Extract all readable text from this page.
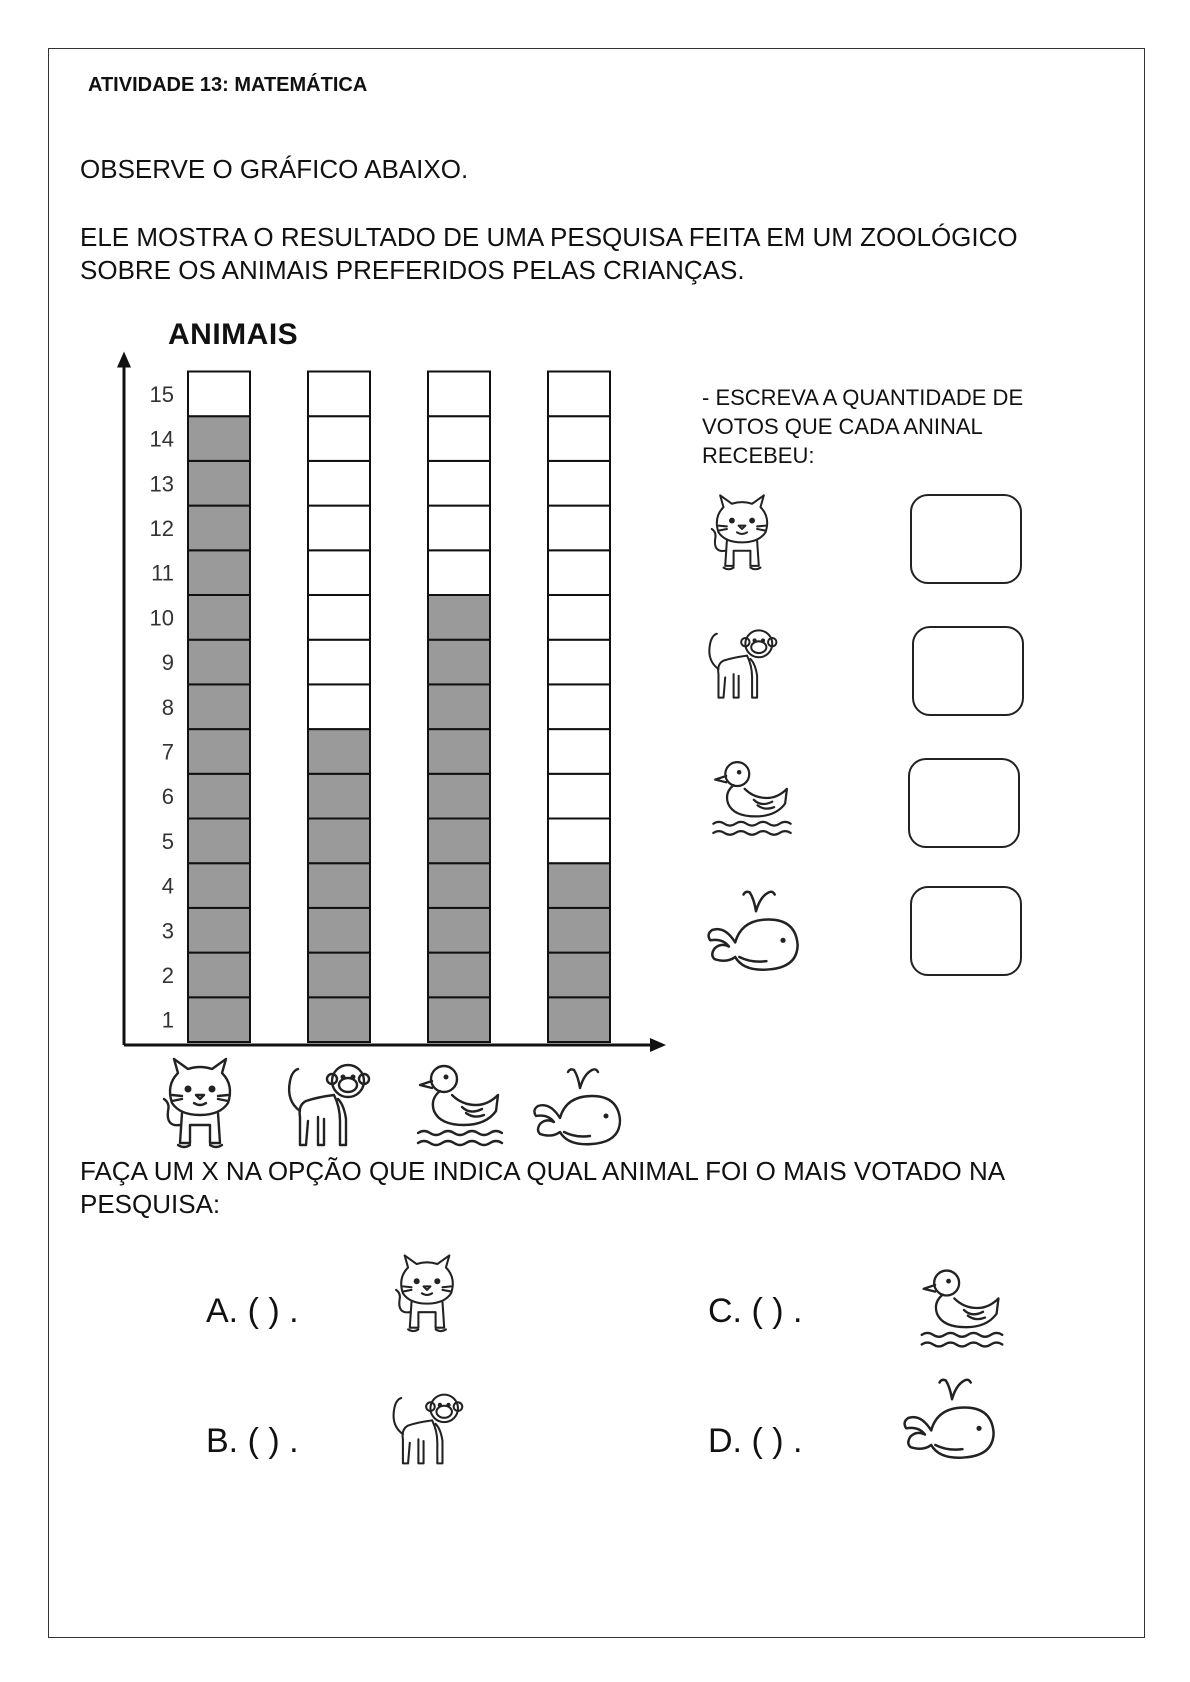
ATIVIDADE 13: MATEMÁTICA

OBSERVE O GRÁFICO ABAIXO.

ELE MOSTRA O RESULTADO DE UMA PESQUISA FEITA EM UM ZOOLÓGICO SOBRE OS ANIMAIS PREFERIDOS PELAS CRIANÇAS.

ANIMAIS

1
2
3
4
5
6
7
8
9
10
11
12
13
14
15	- ESCREVA A QUANTIDADE DE VOTOS QUE CADA ANINAL RECEBEU:

FAÇA UM X NA OPÇÃO QUE INDICA QUAL ANIMAL FOI O MAIS VOTADO NA PESQUISA:

A. ( ) .

B. ( ) .

C. ( ) .

D. ( ) .
